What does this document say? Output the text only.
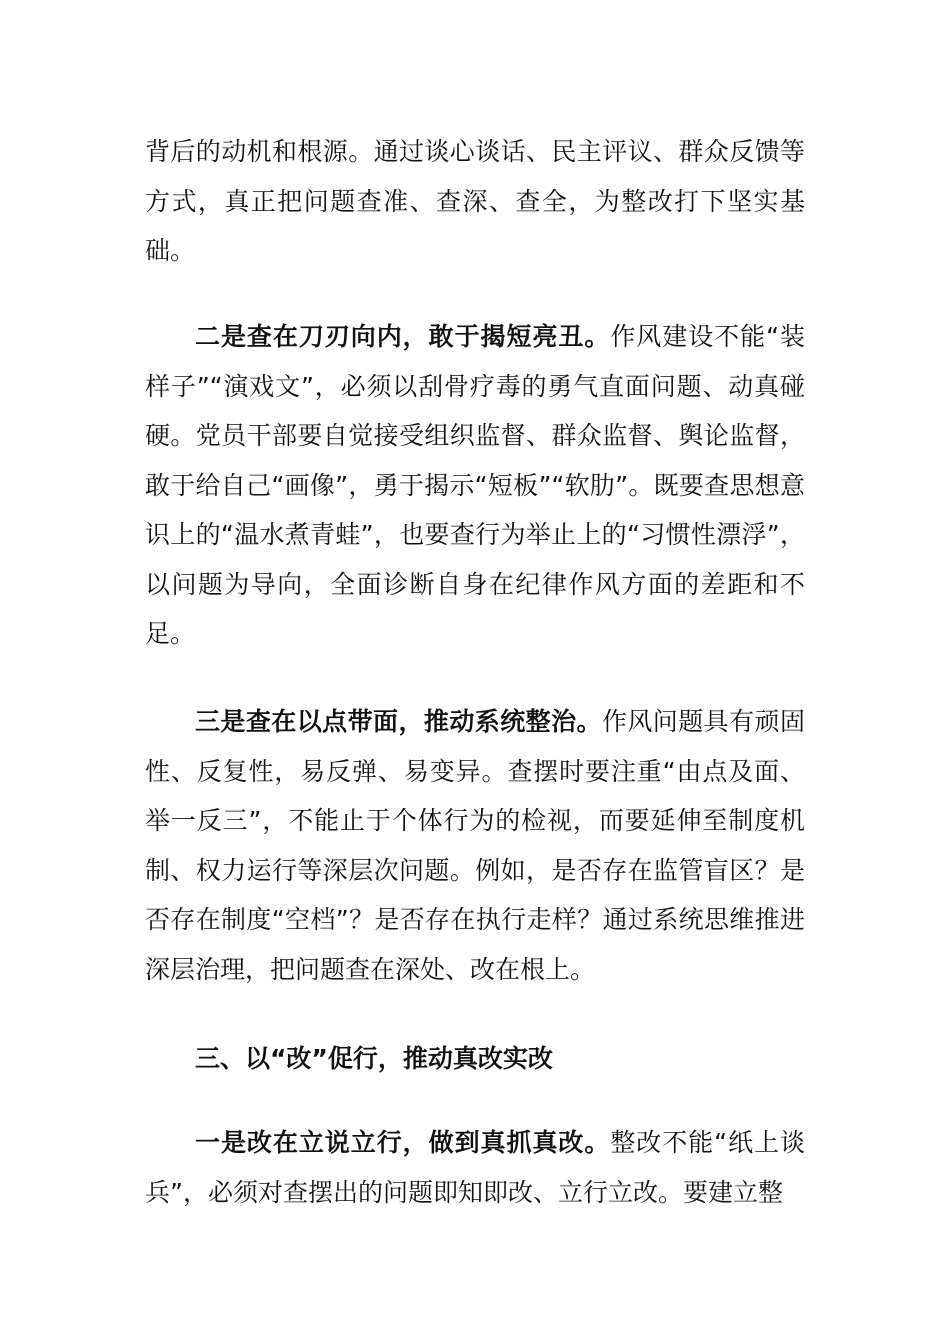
背后的动机和根源。通过谈心谈话、民主评议、群众反馈等方式，真正把问题查准、查深、查全，为整改打下坚实基础。

二是查在刀刃向内，敢于揭短亮丑。作风建设不能“装样子”“演戏文”，必须以刮骨疗毒的勇气直面问题、动真碰硬。党员干部要自觉接受组织监督、群众监督、舆论监督，敢于给自己“画像”，勇于揭示“短板”“软肋”。既要查思想意识上的“温水煮青蛙”，也要查行为举止上的“习惯性漂浮”，以问题为导向，全面诊断自身在纪律作风方面的差距和不足。

三是查在以点带面，推动系统整治。作风问题具有顽固性、反复性，易反弹、易变异。查摆时要注重“由点及面、举一反三”，不能止于个体行为的检视，而要延伸至制度机制、权力运行等深层次问题。例如，是否存在监管盲区？是否存在制度“空档”？是否存在执行走样？通过系统思维推进深层治理，把问题查在深处、改在根上。

三、以“改”促行，推动真改实改

一是改在立说立行，做到真抓真改。整改不能“纸上谈兵”，必须对查摆出的问题即知即改、立行立改。要建立整
